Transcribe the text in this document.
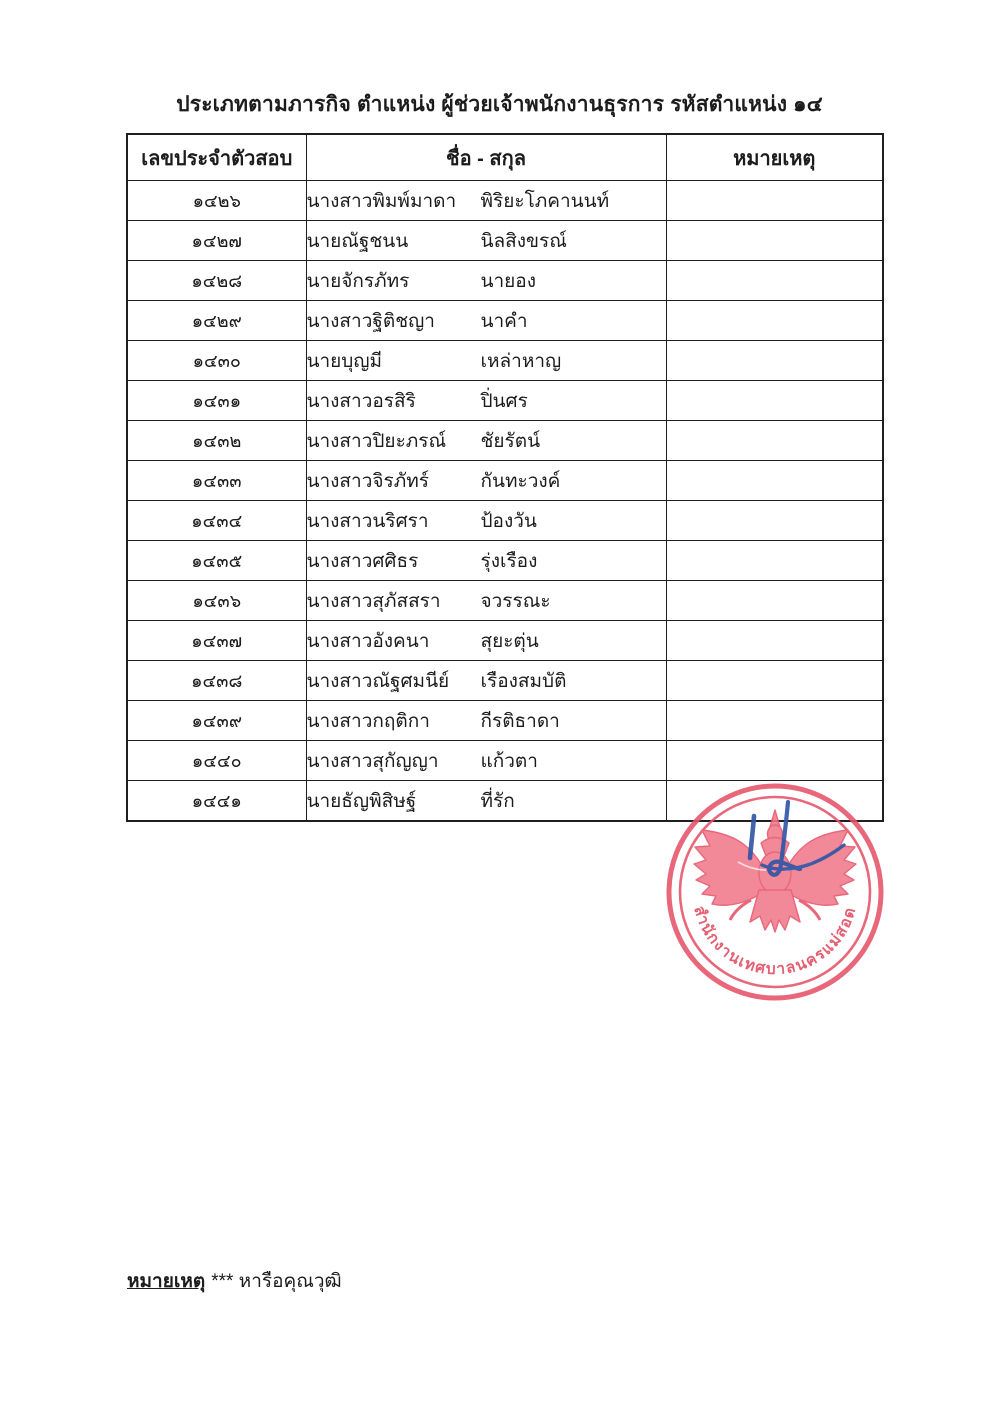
ประเภทตามภารกิจ ตำแหน่ง ผู้ช่วยเจ้าพนักงานธุรการ รหัสตำแหน่ง ๑๔
เลขประจำตัวสอบ	ชื่อ - สกุล	หมายเหตุ
๑๔๒๖	นางสาวพิมพ์มาดา พิริยะโภคานนท์	
๑๔๒๗	นายณัฐชนน นิลสิงขรณ์	
๑๔๒๘	นายจักรภัทร นายอง	
๑๔๒๙	นางสาวฐิติชญา นาคำ	
๑๔๓๐	นายบุญมี เหล่าหาญ	
๑๔๓๑	นางสาวอรสิริ ปิ่นศร	
๑๔๓๒	นางสาวปิยะภรณ์ ชัยรัตน์	
๑๔๓๓	นางสาวจิรภัทร์ กันทะวงค์	
๑๔๓๔	นางสาวนริศรา ป้องวัน	
๑๔๓๕	นางสาวศศิธร รุ่งเรือง	
๑๔๓๖	นางสาวสุภัสสรา จวรรณะ	
๑๔๓๗	นางสาวอังคนา สุยะตุ่น	
๑๔๓๘	นางสาวณัฐศมนีย์ เรืองสมบัติ	
๑๔๓๙	นางสาวกฤติกา กีรติธาดา	
๑๔๔๐	นางสาวสุกัญญา แก้วตา	
๑๔๔๑	นายธัญพิสิษฐ์ ที่รัก	
สำนักงานเทศบาลนครแม่สอด
หมายเหตุ *** หารือคุณวุฒิ
